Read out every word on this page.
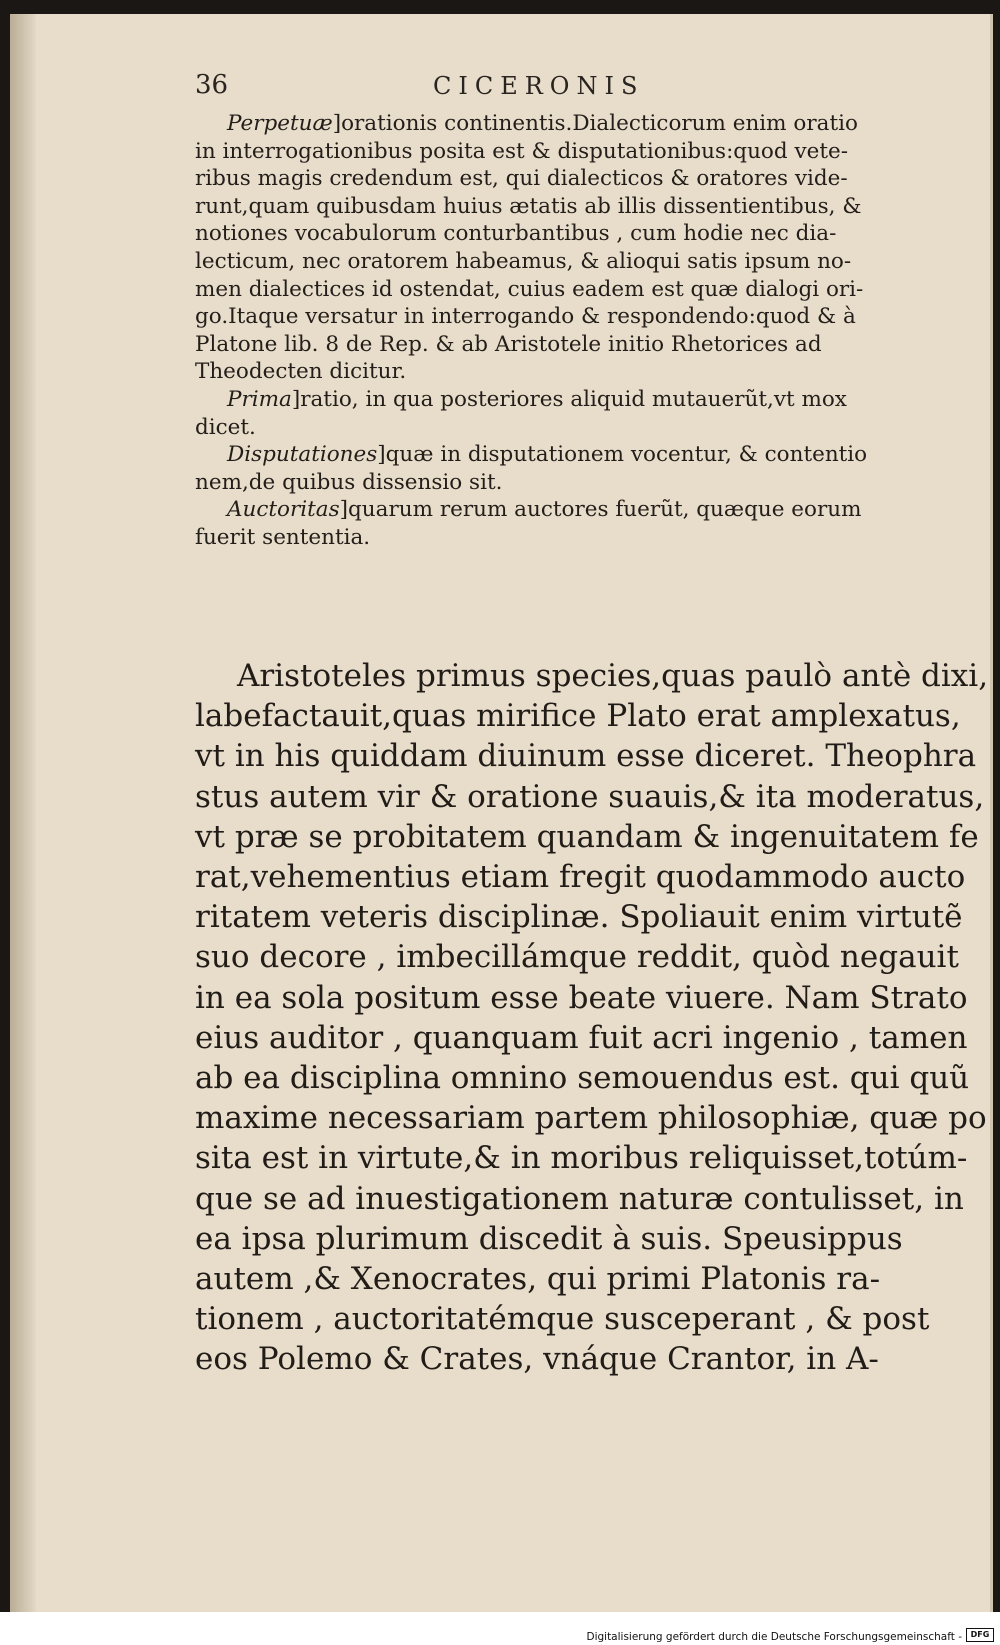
36	CICERONIS

Perpetuæ]orationis continentis.Dialecticorum enim oratio

in interrogationibus posita est & disputationibus:quod vete-

ribus magis credendum est, qui dialecticos & oratores vide-

runt,quam quibusdam huius ætatis ab illis dissentientibus, &

notiones vocabulorum conturbantibus , cum hodie nec dia-

lecticum, nec oratorem habeamus, & alioqui satis ipsum no-

men dialectices id ostendat, cuius eadem est quæ dialogi ori-

go.Itaque versatur in interrogando & respondendo:quod & à

Platone lib. 8 de Rep. & ab Aristotele initio Rhetorices ad

Theodecten dicitur.

Prima]ratio, in qua posteriores aliquid mutauerũt,vt mox

dicet.

Disputationes]quæ in disputationem vocentur, & contentio

nem,de quibus dissensio sit.

Auctoritas]quarum rerum auctores fuerũt, quæque eorum

fuerit sententia.

Aristoteles primus species,quas paulò antè dixi,

labefactauit,quas mirifice Plato erat amplexatus,

vt in his quiddam diuinum esse diceret. Theophra

stus autem vir & oratione suauis,& ita moderatus,

vt præ se probitatem quandam & ingenuitatem fe

rat,vehementius etiam fregit quodammodo aucto

ritatem veteris disciplinæ. Spoliauit enim virtutẽ

suo decore , imbecillámque reddit, quòd negauit

in ea sola positum esse beate viuere. Nam Strato

eius auditor , quanquam fuit acri ingenio , tamen

ab ea disciplina omnino semouendus est. qui quũ

maxime necessariam partem philosophiæ, quæ po

sita est in virtute,& in moribus reliquisset,totúm-

que se ad inuestigationem naturæ contulisset, in

ea ipsa plurimum discedit à suis. Speusippus

autem ,& Xenocrates, qui primi Platonis ra-

tionem , auctoritatémque susceperant , & post

eos Polemo & Crates, vnáque Crantor, in A-

Digitalisierung gefördert durch die Deutsche Forschungsgemeinschaft -	DFG
